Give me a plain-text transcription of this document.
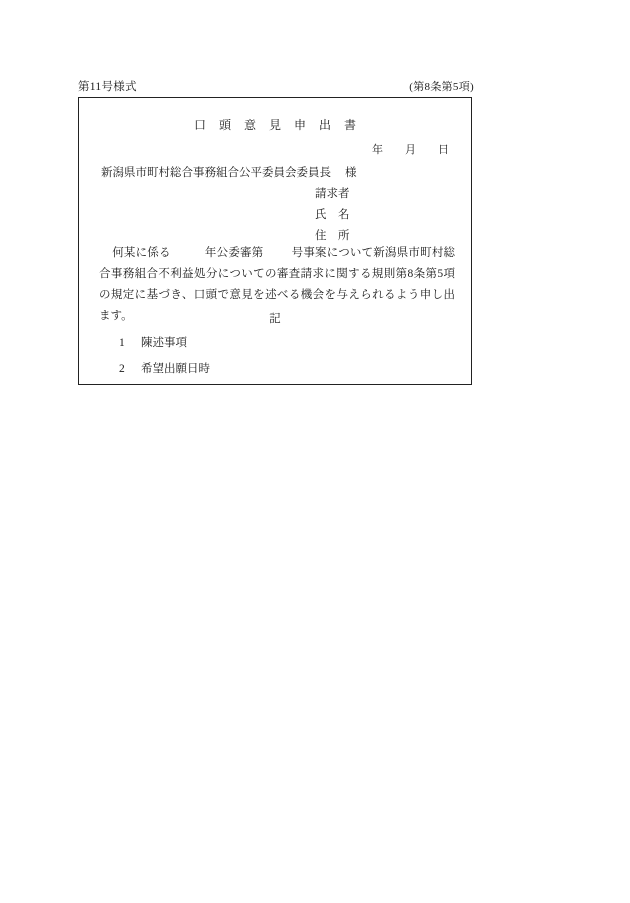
第11号様式	(第8条第5項)
口 頭 意 見 申 出 書
年 月 日
新潟県市町村総合事務組合公平委員会委員長 様
請求者
氏　名
住　所
何某に係る	年公委審第 号事案について新潟県市町村総合事務組合不利益処分についての審査請求に関する規則第8条第5項の規定に基づき、口頭で意見を述べる機会を与えられるよう申し出ます。	記
1 陳述事項
2 希望出願日時
